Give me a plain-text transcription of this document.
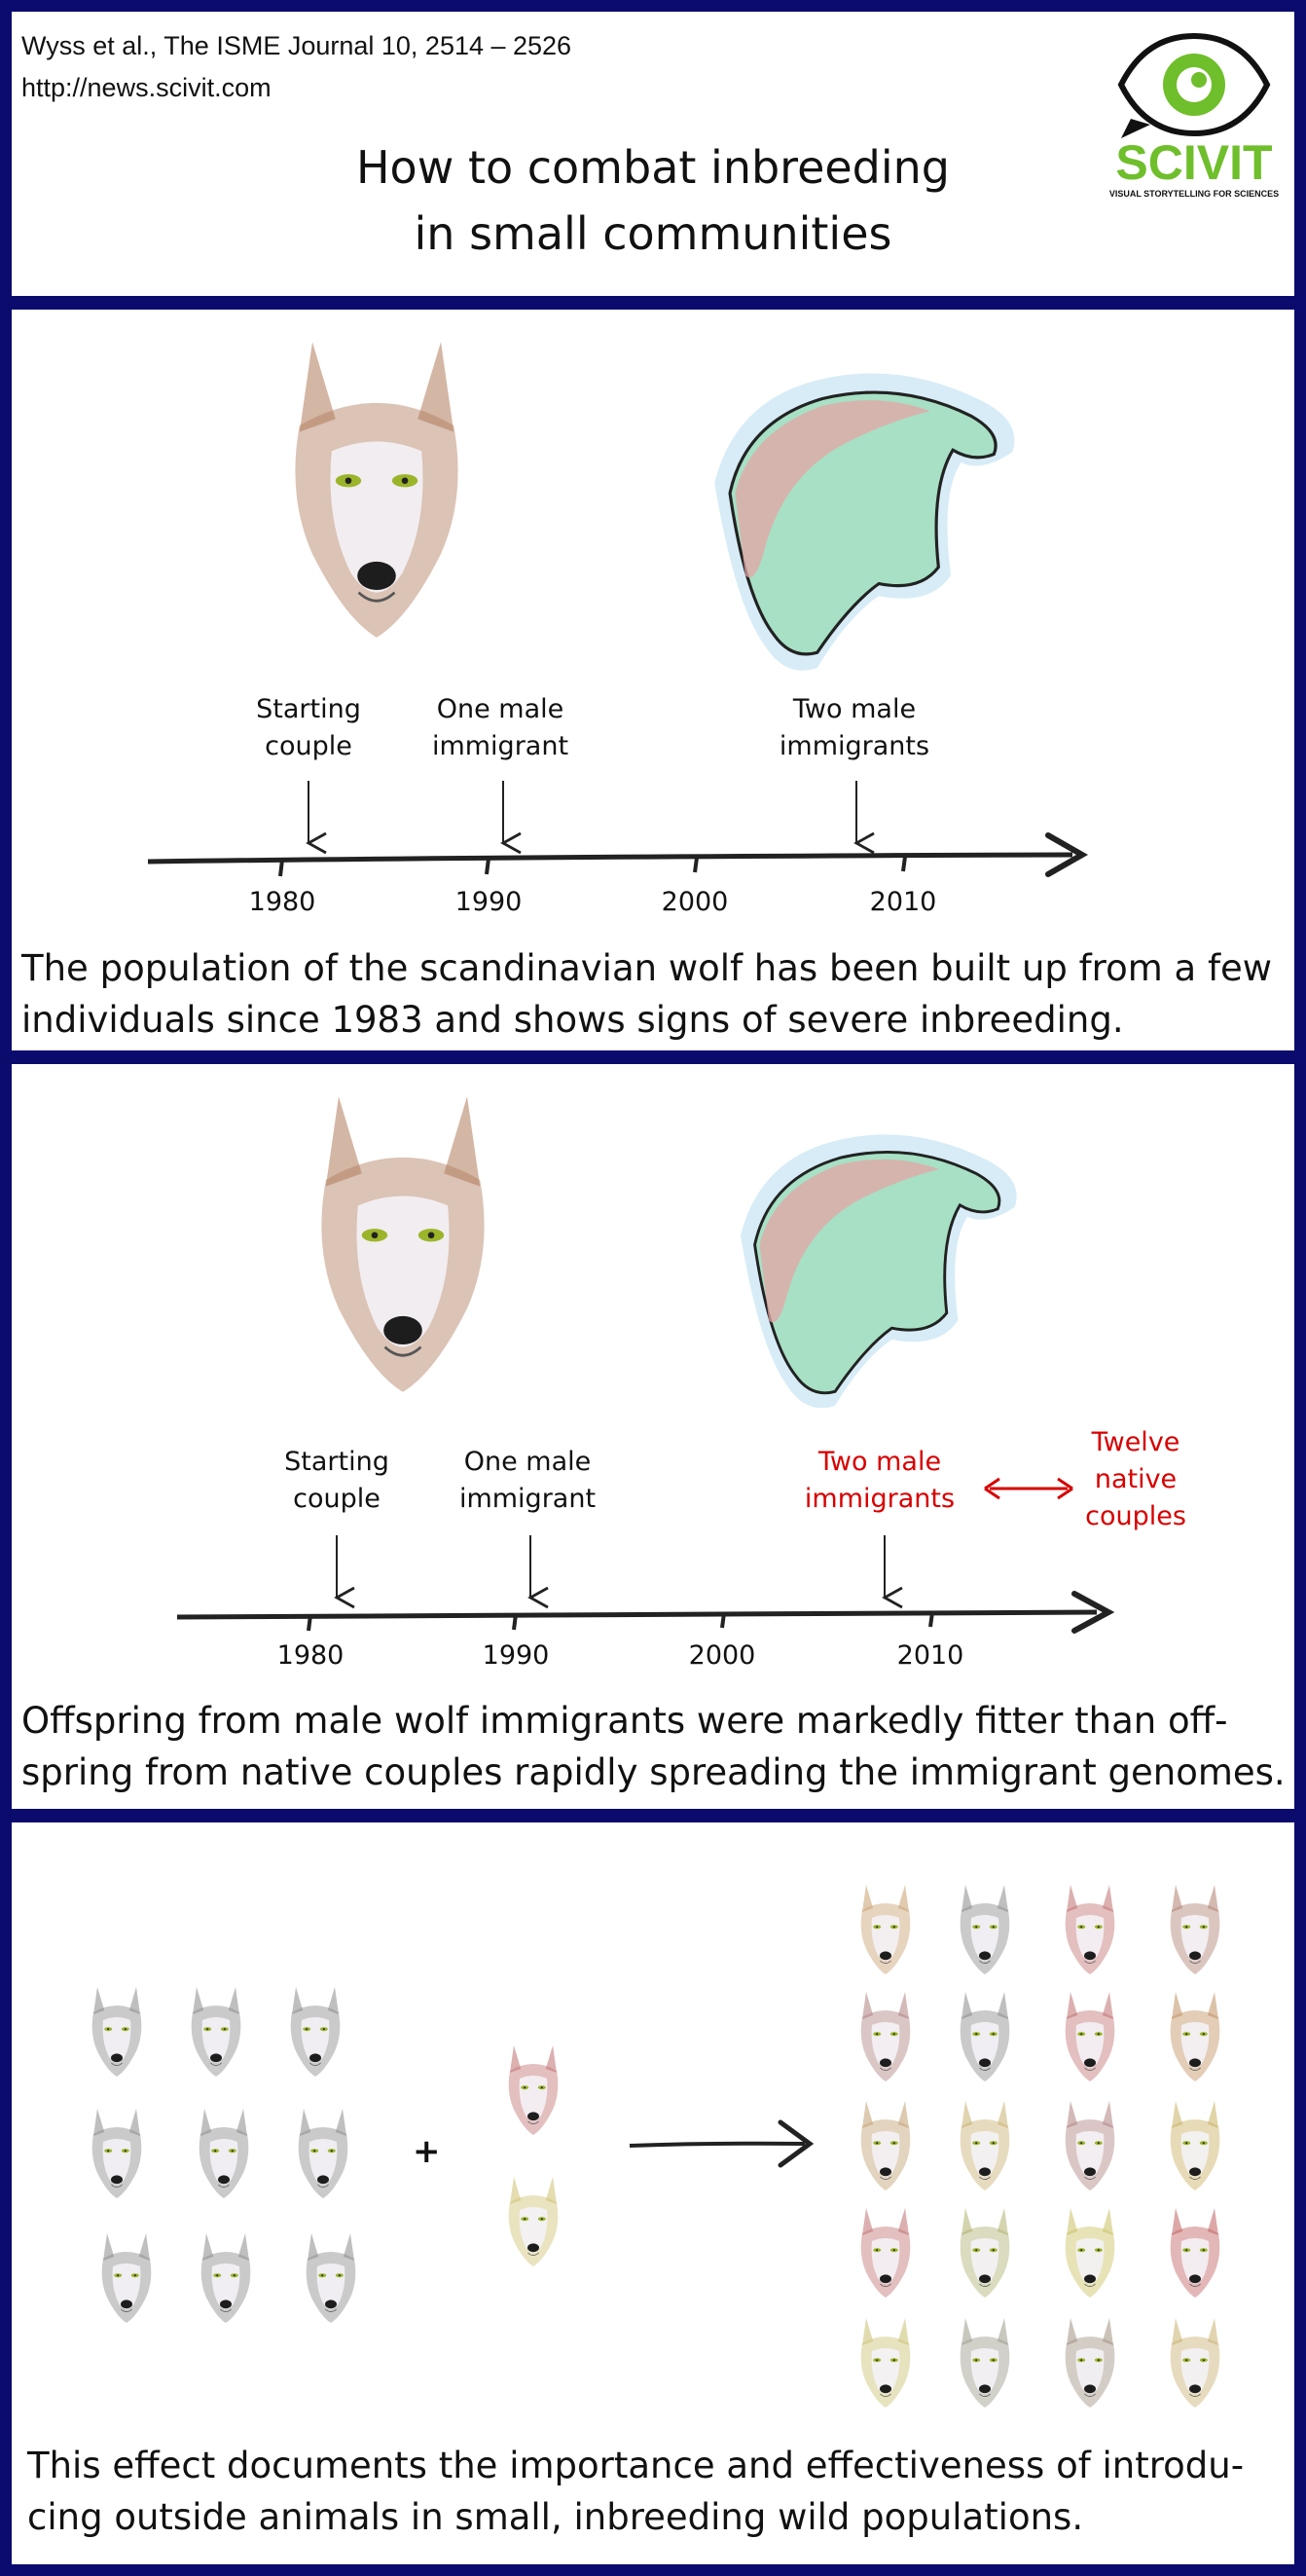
Wyss et al., The ISME Journal 10, 2514 – 2526
http://news.scivit.com
How to combat inbreeding
in small communities
SCIVIT
VISUAL STORYTELLING FOR SCIENCES
Starting
couple
One male
immigrant
Two male
immigrants
1980	1990	2000	2010
The population of the scandinavian wolf has been built up from a few
individuals since 1983 and shows signs of severe inbreeding.
Starting
couple
One male
immigrant
Two male
immigrants
Twelve
native
couples
1980	1990	2000	2010
Offspring from male wolf immigrants were markedly fitter than off-
spring from native couples rapidly spreading the immigrant genomes.
+
This effect documents the importance and effectiveness of introdu-
cing outside animals in small, inbreeding wild populations.
